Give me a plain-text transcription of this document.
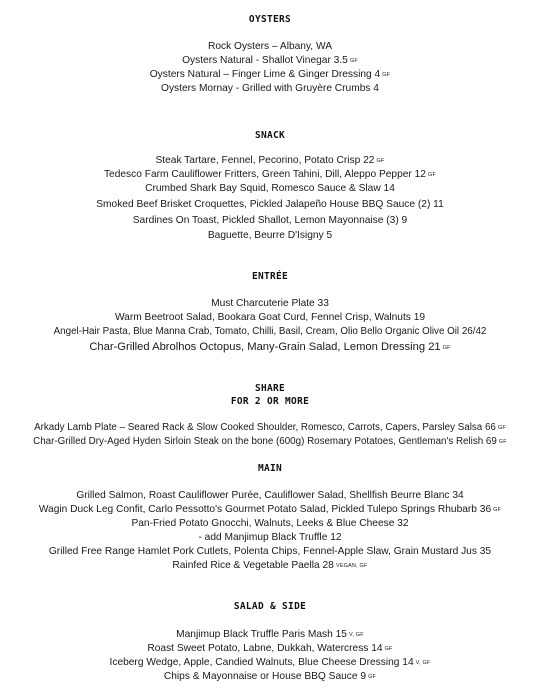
OYSTERS
Rock Oysters – Albany, WA
Oysters Natural - Shallot Vinegar 3.5 GF
Oysters Natural – Finger Lime & Ginger Dressing 4 GF
Oysters Mornay - Grilled with Gruyère Crumbs 4
SNACK
Steak Tartare, Fennel, Pecorino, Potato Crisp 22 GF
Tedesco Farm Cauliflower Fritters, Green Tahini, Dill, Aleppo Pepper 12 GF
Crumbed Shark Bay Squid, Romesco Sauce & Slaw 14
Smoked Beef Brisket Croquettes, Pickled Jalapeño House BBQ Sauce (2) 11
Sardines On Toast, Pickled Shallot, Lemon Mayonnaise (3) 9
Baguette, Beurre D'Isigny 5
ENTRÉE
Must Charcuterie Plate 33
Warm Beetroot Salad, Bookara Goat Curd, Fennel Crisp, Walnuts 19
Angel-Hair Pasta, Blue Manna Crab, Tomato, Chilli, Basil, Cream, Olio Bello Organic Olive Oil 26/42
Char-Grilled Abrolhos Octopus, Many-Grain Salad, Lemon Dressing 21 GF
SHARE
FOR 2 OR MORE
Arkady Lamb Plate – Seared Rack & Slow Cooked Shoulder, Romesco, Carrots, Capers, Parsley Salsa 66 GF
Char-Grilled Dry-Aged Hyden Sirloin Steak on the bone (600g) Rosemary Potatoes, Gentleman's Relish 69 GF
MAIN
Grilled Salmon, Roast Cauliflower Purée, Cauliflower Salad, Shellfish Beurre Blanc 34
Wagin Duck Leg Confit, Carlo Pessotto's Gourmet Potato Salad, Pickled Tulepo Springs Rhubarb 36 GF
Pan-Fried Potato Gnocchi, Walnuts, Leeks & Blue Cheese 32
- add Manjimup Black Truffle 12
Grilled Free Range Hamlet Pork Cutlets, Polenta Chips, Fennel-Apple Slaw, Grain Mustard Jus 35
Rainfed Rice & Vegetable Paella 28 VEGAN, GF
SALAD & SIDE
Manjimup Black Truffle Paris Mash 15 V, GF
Roast Sweet Potato, Labne, Dukkah, Watercress 14 GF
Iceberg Wedge, Apple, Candied Walnuts, Blue Cheese Dressing 14 V, GF
Chips & Mayonnaise or House BBQ Sauce 9 GF
